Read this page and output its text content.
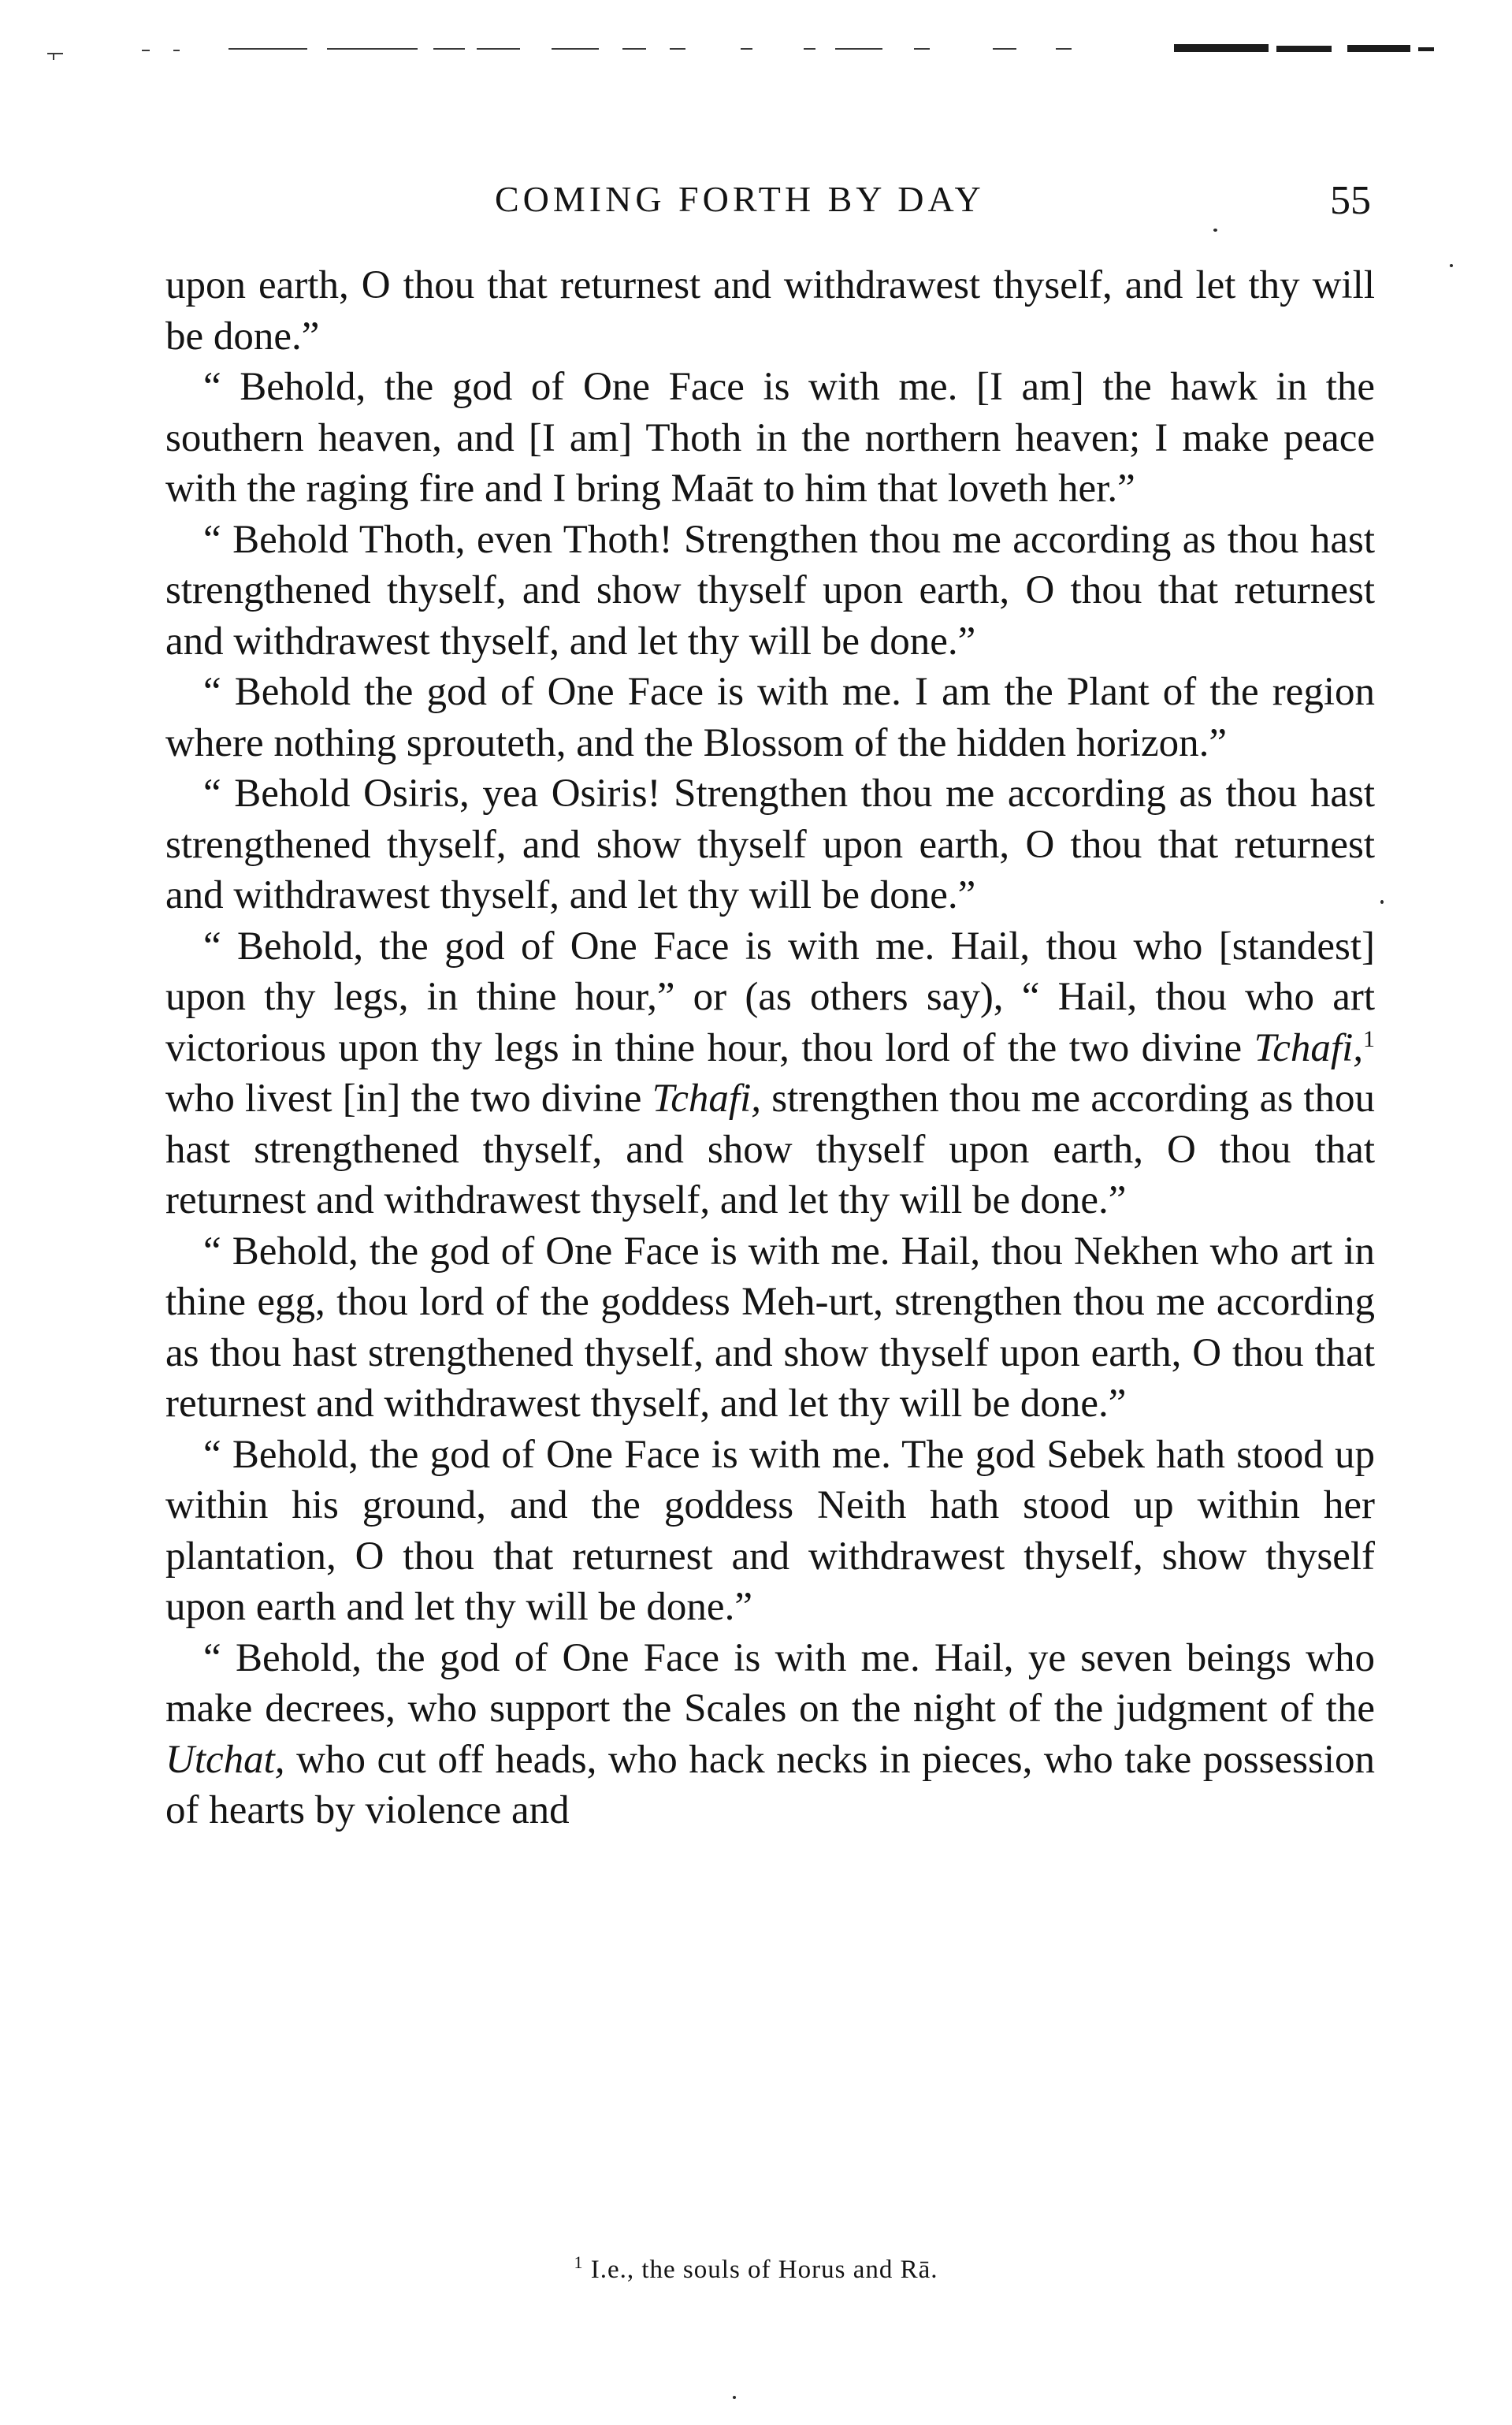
COMING FORTH BY DAY	55

upon earth, O thou that returnest and withdrawest thyself, and let thy will be done.”

“ Behold, the god of One Face is with me. [I am] the hawk in the southern heaven, and [I am] Thoth in the northern heaven; I make peace with the raging fire and I bring Maāt to him that loveth her.”

“ Behold Thoth, even Thoth! Strengthen thou me according as thou hast strengthened thyself, and show thyself upon earth, O thou that returnest and withdrawest thyself, and let thy will be done.”

“ Behold the god of One Face is with me. I am the Plant of the region where nothing sprouteth, and the Blossom of the hidden horizon.”

“ Behold Osiris, yea Osiris! Strengthen thou me according as thou hast strengthened thyself, and show thyself upon earth, O thou that returnest and withdrawest thyself, and let thy will be done.”

“ Behold, the god of One Face is with me. Hail, thou who [standest] upon thy legs, in thine hour,” or (as others say), “ Hail, thou who art victorious upon thy legs in thine hour, thou lord of the two divine Tchafi,$^1$ who livest [in] the two divine Tchafi, strengthen thou me according as thou hast strengthened thyself, and show thyself upon earth, O thou that returnest and withdrawest thyself, and let thy will be done.”

“ Behold, the god of One Face is with me. Hail, thou Nekhen who art in thine egg, thou lord of the goddess Meh-urt, strengthen thou me according as thou hast strengthened thyself, and show thyself upon earth, O thou that returnest and withdrawest thyself, and let thy will be done.”

“ Behold, the god of One Face is with me. The god Sebek hath stood up within his ground, and the goddess Neith hath stood up within her plantation, O thou that returnest and withdrawest thyself, show thyself upon earth and let thy will be done.”

“ Behold, the god of One Face is with me. Hail, ye seven beings who make decrees, who support the Scales on the night of the judgment of the Utchat, who cut off heads, who hack necks in pieces, who take possession of hearts by violence and

$^1$ I.e., the souls of Horus and Rā.
